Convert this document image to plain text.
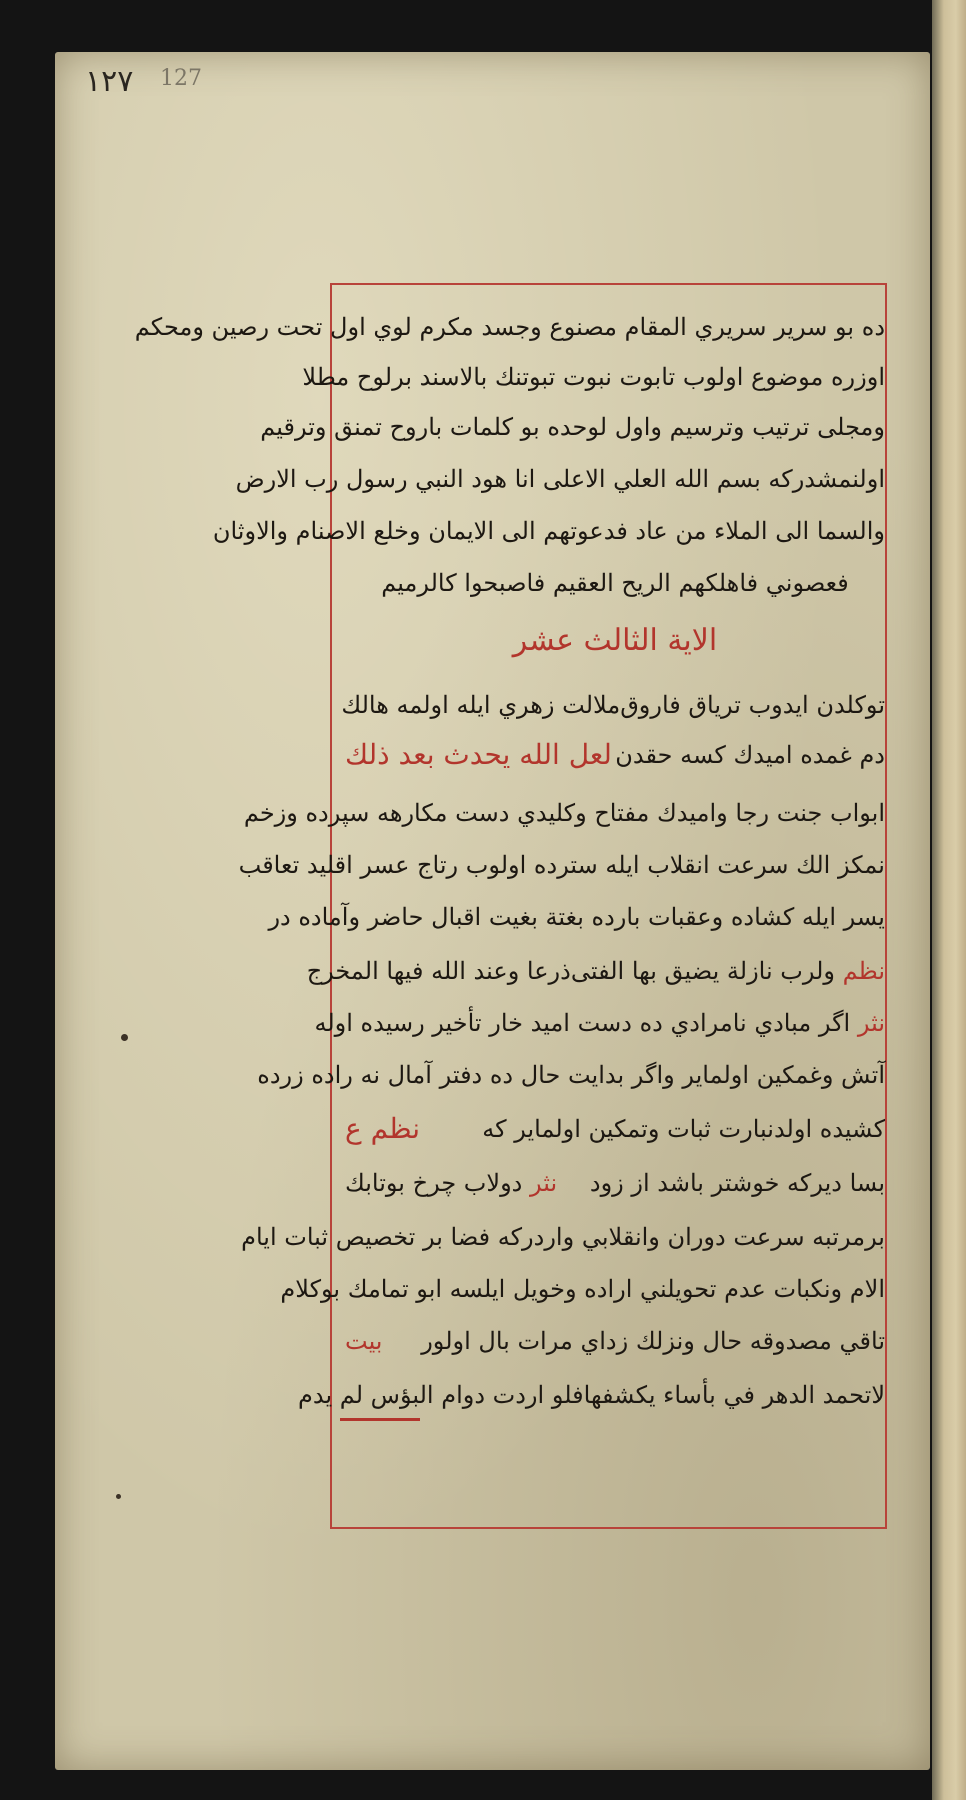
١٢٧ 127
ده بو سرير سريري المقام مصنوع وجسد مكرم لوي اول تحت رصين ومحكم
اوزره موضوع اولوب تابوت نبوت تبوتنك بالاسند برلوح مطلا
ومجلى ترتيب وترسيم واول لوحده بو كلمات باروح تمنق وترقيم
اولنمشدركه بسم الله العلي الاعلى انا هود النبي رسول رب الارض
والسما الى الملاء من عاد فدعوتهم الى الايمان وخلع الاصنام والاوثان
فعصوني فاهلكهم الريح العقيم فاصبحوا كالرميم
الاية الثالث عشر
توكلدن ايدوب ترياق فاروق
ملالت زهري ايله اولمه هالك
دم غمده اميدك كسه حقدن
لعل الله يحدث بعد ذلك
ابواب جنت رجا واميدك مفتاح وكليدي دست مكارهه سپرده وزخم
نمكز الك سرعت انقلاب ايله سترده اولوب رتاج عسر اقليد تعاقب
يسر ايله كشاده وعقبات بارده بغتة بغيت اقبال حاضر وآماده در
نظم ولرب نازلة يضيق بها الفتى
ذرعا وعند الله فيها المخرج
نثر اگر مبادي نامرادي ده دست اميد خار تأخير رسيده اوله
آتش وغمكين اولماير واگر بدايت حال ده دفتر آمال نه راده زرده
كشيده اولدنبارت ثبات وتمكين اولماير كه
نظم ع
بسا ديركه خوشتر باشد از زود
نثر دولاب چرخ بوتابك
برمرتبه سرعت دوران وانقلابي واردركه فضا بر تخصيص ثبات ايام
الام ونكبات عدم تحويلني اراده وخويل ايلسه ابو تمامك بوكلام
تاقي مصدوقه حال ونزلك زداي مرات بال اولور
بيت
لاتحمد الدهر في بأساء يكشفها
فلو اردت دوام البؤس لم يدم
